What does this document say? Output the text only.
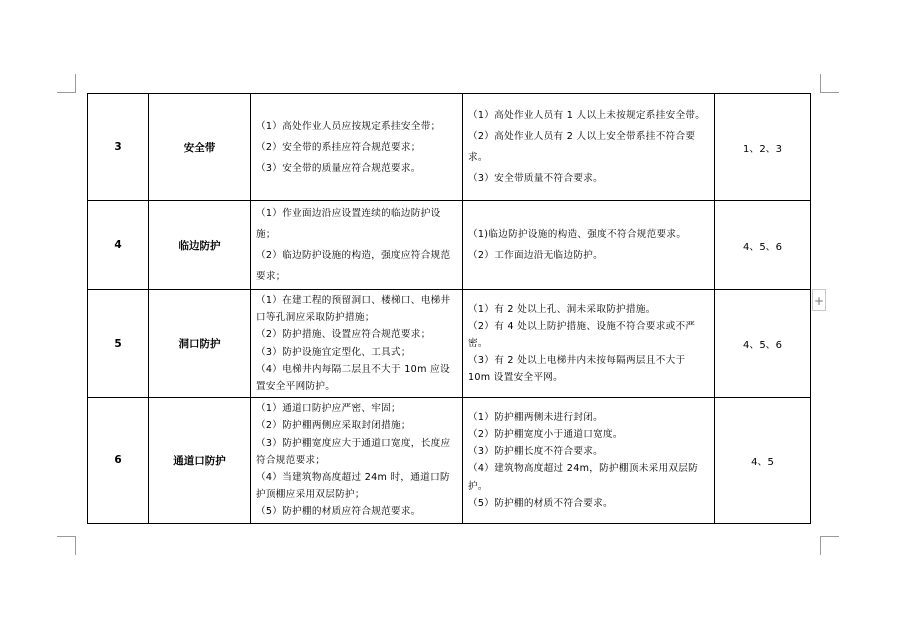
+
3	安全带	（1）高处作业人员应按规定系挂安全带；
（2）安全带的系挂应符合规范要求；
（3）安全带的质量应符合规范要求。	（1）高处作业人员有 1 人以上未按规定系挂安全带。
（2）高处作业人员有 2 人以上安全带系挂不符合要求。
（3）安全带质量不符合要求。	1、2、3
4	临边防护	（1）作业面边沿应设置连续的临边防护设施；
（2）临边防护设施的构造，强度应符合规范要求；	（1)临边防护设施的构造、强度不符合规范要求。
（2）工作面边沿无临边防护。	4、5、6
5	洞口防护	（1）在建工程的预留洞口、楼梯口、电梯井口等孔洞应采取防护措施；
（2）防护措施、设置应符合规范要求；
（3）防护设施宜定型化、工具式；
（4）电梯井内每隔二层且不大于 10m 应设置安全平网防护。	（1）有 2 处以上孔、洞未采取防护措施。
（2）有 4 处以上防护措施、设施不符合要求或不严密。
（3）有 2 处以上电梯井内未按每隔两层且不大于 10m 设置安全平网。	4、5、6
6	通道口防护	（1）通道口防护应严密、牢固；
（2）防护棚两侧应采取封闭措施；
（3）防护棚宽度应大于通道口宽度，长度应符合规范要求；
（4）当建筑物高度超过 24m 时，通道口防护顶棚应采用双层防护；
（5）防护棚的材质应符合规范要求。	（1）防护棚两侧未进行封闭。
（2）防护棚宽度小于通道口宽度。
（3）防护棚长度不符合要求。
（4）建筑物高度超过 24m，防护棚顶未采用双层防护。
（5）防护棚的材质不符合要求。	4、5
